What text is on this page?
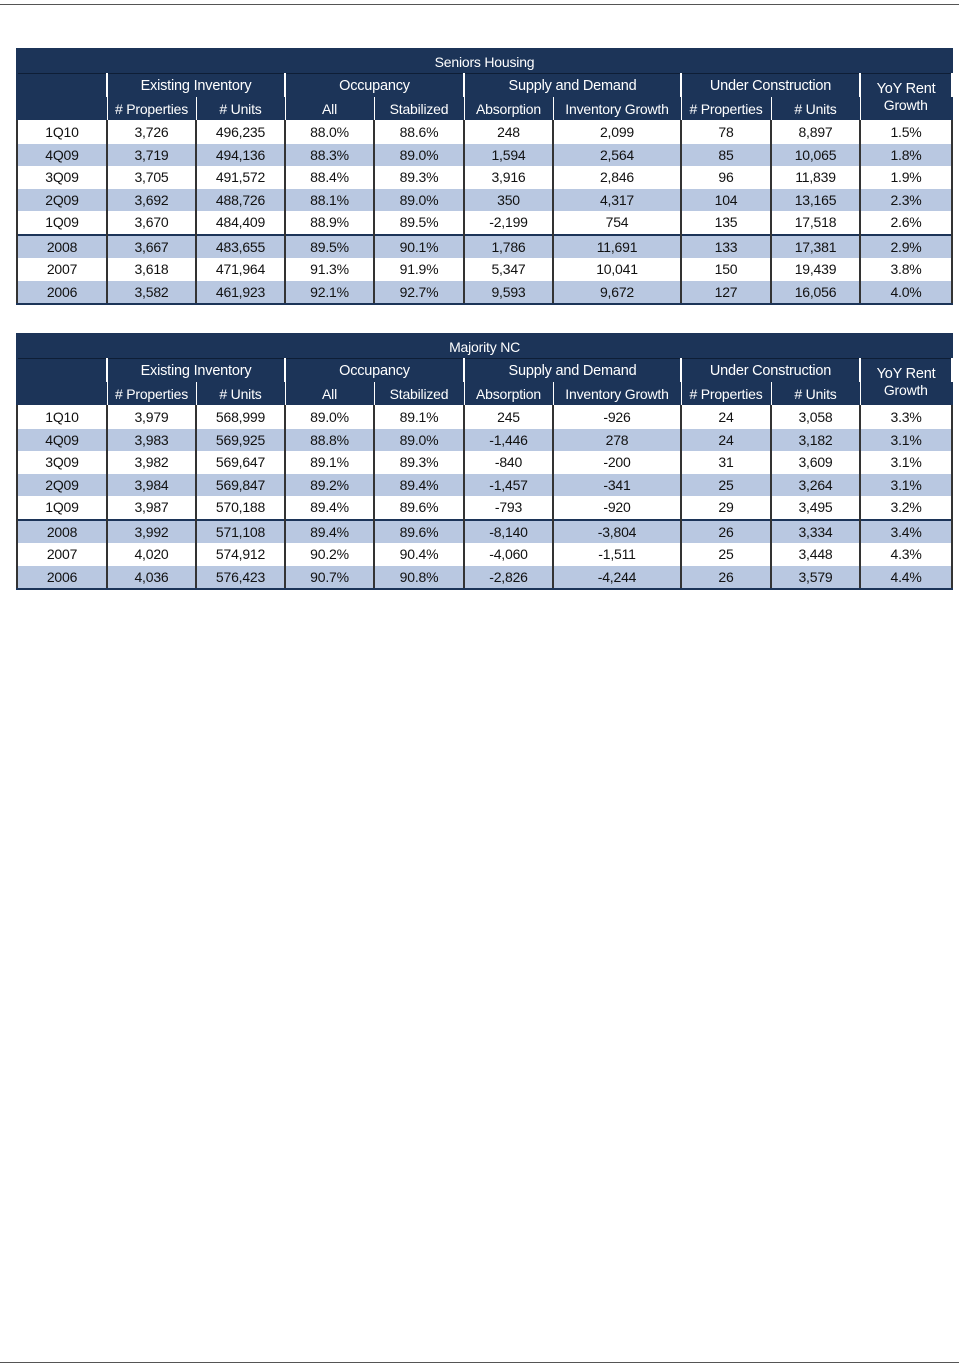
Seniors Housing									
	Existing Inventory		Occupancy		Supply and Demand		Under Construction		YoY Rent
	# Properties	# Units	All	Stabilized	Absorption	Inventory Growth	# Properties	# Units	Growth
1Q10	3,726	496,235	88.0%	88.6%	248	2,099	78	8,897	1.5%
4Q09	3,719	494,136	88.3%	89.0%	1,594	2,564	85	10,065	1.8%
3Q09	3,705	491,572	88.4%	89.3%	3,916	2,846	96	11,839	1.9%
2Q09	3,692	488,726	88.1%	89.0%	350	4,317	104	13,165	2.3%
1Q09	3,670	484,409	88.9%	89.5%	-2,199	754	135	17,518	2.6%
2008	3,667	483,655	89.5%	90.1%	1,786	11,691	133	17,381	2.9%
2007	3,618	471,964	91.3%	91.9%	5,347	10,041	150	19,439	3.8%
2006	3,582	461,923	92.1%	92.7%	9,593	9,672	127	16,056	4.0%
Majority NC									
	Existing Inventory		Occupancy		Supply and Demand		Under Construction		YoY Rent
	# Properties	# Units	All	Stabilized	Absorption	Inventory Growth	# Properties	# Units	Growth
1Q10	3,979	568,999	89.0%	89.1%	245	-926	24	3,058	3.3%
4Q09	3,983	569,925	88.8%	89.0%	-1,446	278	24	3,182	3.1%
3Q09	3,982	569,647	89.1%	89.3%	-840	-200	31	3,609	3.1%
2Q09	3,984	569,847	89.2%	89.4%	-1,457	-341	25	3,264	3.1%
1Q09	3,987	570,188	89.4%	89.6%	-793	-920	29	3,495	3.2%
2008	3,992	571,108	89.4%	89.6%	-8,140	-3,804	26	3,334	3.4%
2007	4,020	574,912	90.2%	90.4%	-4,060	-1,511	25	3,448	4.3%
2006	4,036	576,423	90.7%	90.8%	-2,826	-4,244	26	3,579	4.4%
